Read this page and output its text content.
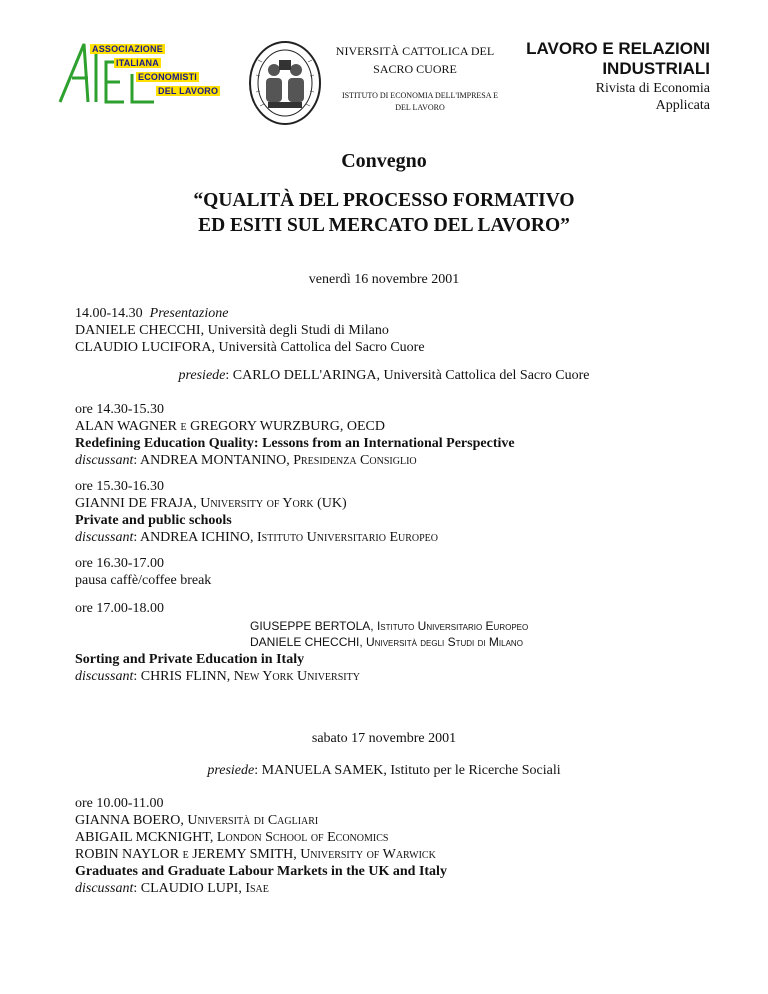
ASSOCIAZIONE
ITALIANA
ECONOMISTI
DEL LAVORO
NIVERSITÀ CATTOLICA DEL
SACRO CUORE
ISTITUTO DI ECONOMIA DELL'IMPRESA E
DEL LAVORO
LAVORO E RELAZIONI
INDUSTRIALI
Rivista di Economia
Applicata
Convegno
“QUALITÀ DEL PROCESSO FORMATIVO
ED ESITI SUL MERCATO DEL LAVORO”
venerdì 16 novembre 2001
14.00-14.30 Presentazione
DANIELE CHECCHI, Università degli Studi di Milano
CLAUDIO LUCIFORA, Università Cattolica del Sacro Cuore
presiede: CARLO DELL'ARINGA, Università Cattolica del Sacro Cuore
ore 14.30-15.30
ALAN WAGNER e GREGORY WURZBURG, OECD
Redefining Education Quality: Lessons from an International Perspective
discussant: ANDREA MONTANINO, Presidenza Consiglio
ore 15.30-16.30
GIANNI DE FRAJA, University of York (UK)
Private and public schools
discussant: ANDREA ICHINO, Istituto Universitario Europeo
ore 16.30-17.00
pausa caffè/coffee break
ore 17.00-18.00
GIUSEPPE BERTOLA, Istituto Universitario Europeo
DANIELE CHECCHI, Università degli Studi di Milano
Sorting and Private Education in Italy
discussant: CHRIS FLINN, New York University
sabato 17 novembre 2001
presiede: MANUELA SAMEK, Istituto per le Ricerche Sociali
ore 10.00-11.00
GIANNA BOERO, Università di Cagliari
ABIGAIL MCKNIGHT, London School of Economics
ROBIN NAYLOR e JEREMY SMITH, University of Warwick
Graduates and Graduate Labour Markets in the UK and Italy
discussant: CLAUDIO LUPI, Isae
